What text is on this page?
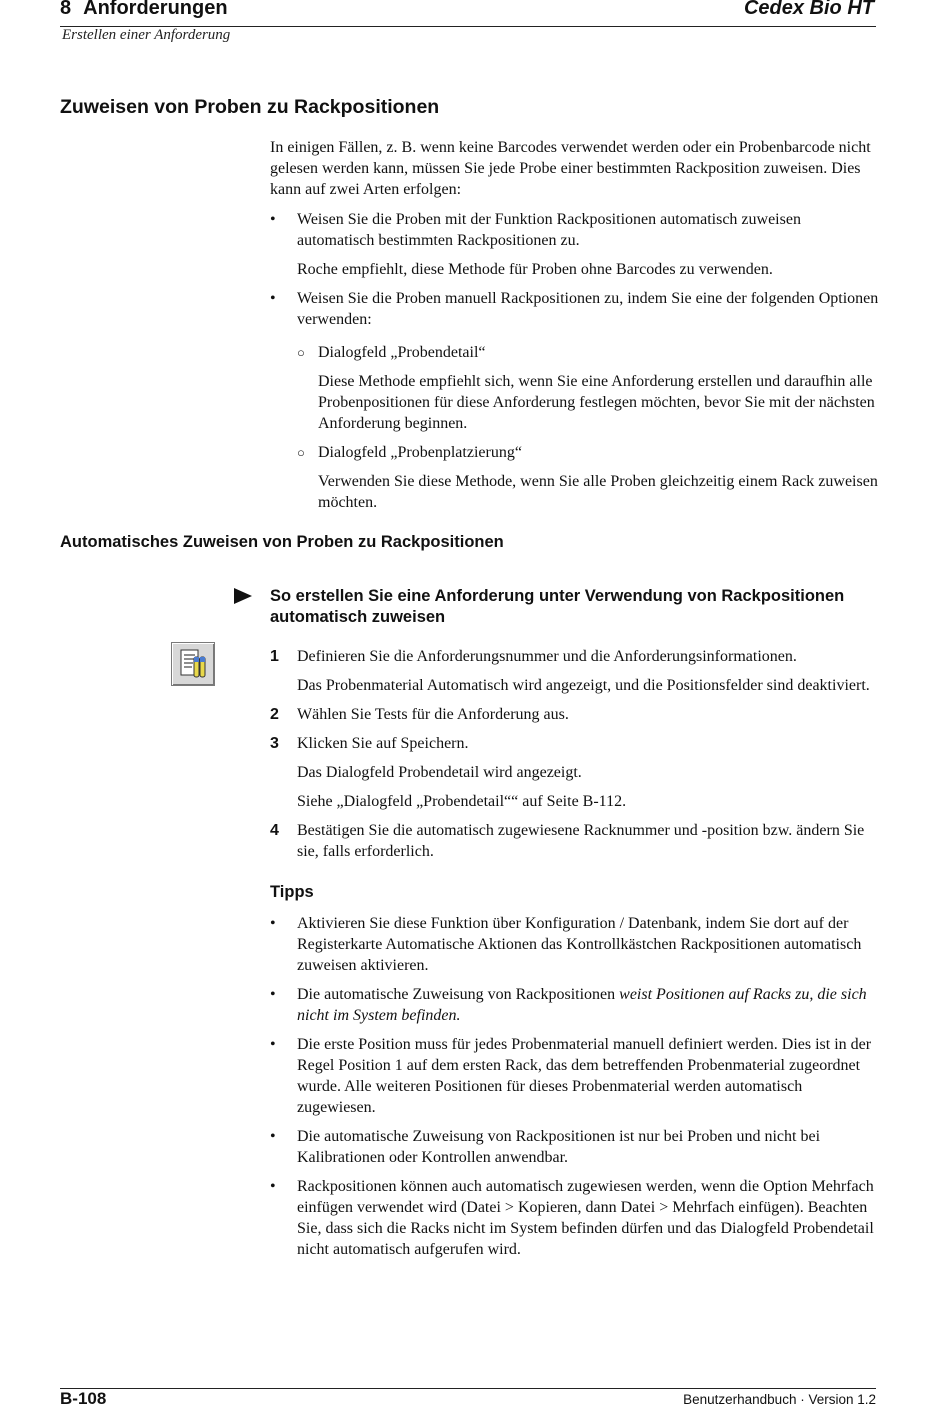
8 Anforderungen	Cedex Bio HT
Erstellen einer Anforderung
Zuweisen von Proben zu Rackpositionen

In einigen Fällen, z. B. wenn keine Barcodes verwendet werden oder ein Probenbarcode nicht gelesen werden kann, müssen Sie jede Probe einer bestimmten Rackposition zuweisen. Dies kann auf zwei Arten erfolgen:

• Weisen Sie die Proben mit der Funktion Rackpositionen automatisch zuweisen automatisch bestimmten Rackpositionen zu.
Roche empfiehlt, diese Methode für Proben ohne Barcodes zu verwenden.
• Weisen Sie die Proben manuell Rackpositionen zu, indem Sie eine der folgenden Optionen verwenden:
○ Dialogfeld „Probendetail“
Diese Methode empfiehlt sich, wenn Sie eine Anforderung erstellen und daraufhin alle Probenpositionen für diese Anforderung festlegen möchten, bevor Sie mit der nächsten Anforderung beginnen.
○ Dialogfeld „Probenplatzierung“
Verwenden Sie diese Methode, wenn Sie alle Proben gleichzeitig einem Rack zuweisen möchten.
Automatisches Zuweisen von Proben zu Rackpositionen
So erstellen Sie eine Anforderung unter Verwendung von Rackpositionen automatisch zuweisen
1 Definieren Sie die Anforderungsnummer und die Anforderungsinformationen.
Das Probenmaterial Automatisch wird angezeigt, und die Positionsfelder sind deaktiviert.
2 Wählen Sie Tests für die Anforderung aus.
3 Klicken Sie auf Speichern.
Das Dialogfeld Probendetail wird angezeigt.
Siehe „Dialogfeld „Probendetail““ auf Seite B-112.
4 Bestätigen Sie die automatisch zugewiesene Racknummer und -position bzw. ändern Sie sie, falls erforderlich.
Tipps
• Aktivieren Sie diese Funktion über Konfiguration / Datenbank, indem Sie dort auf der Registerkarte Automatische Aktionen das Kontrollkästchen Rackpositionen automatisch zuweisen aktivieren.
• Die automatische Zuweisung von Rackpositionen weist Positionen auf Racks zu, die sich nicht im System befinden.
• Die erste Position muss für jedes Probenmaterial manuell definiert werden. Dies ist in der Regel Position 1 auf dem ersten Rack, das dem betreffenden Probenmaterial zugeordnet wurde. Alle weiteren Positionen für dieses Probenmaterial werden automatisch zugewiesen.
• Die automatische Zuweisung von Rackpositionen ist nur bei Proben und nicht bei Kalibrationen oder Kontrollen anwendbar.
• Rackpositionen können auch automatisch zugewiesen werden, wenn die Option Mehrfach einfügen verwendet wird (Datei > Kopieren, dann Datei > Mehrfach einfügen). Beachten Sie, dass sich die Racks nicht im System befinden dürfen und das Dialogfeld Probendetail nicht automatisch aufgerufen wird.
B-108	Benutzerhandbuch · Version 1.2
